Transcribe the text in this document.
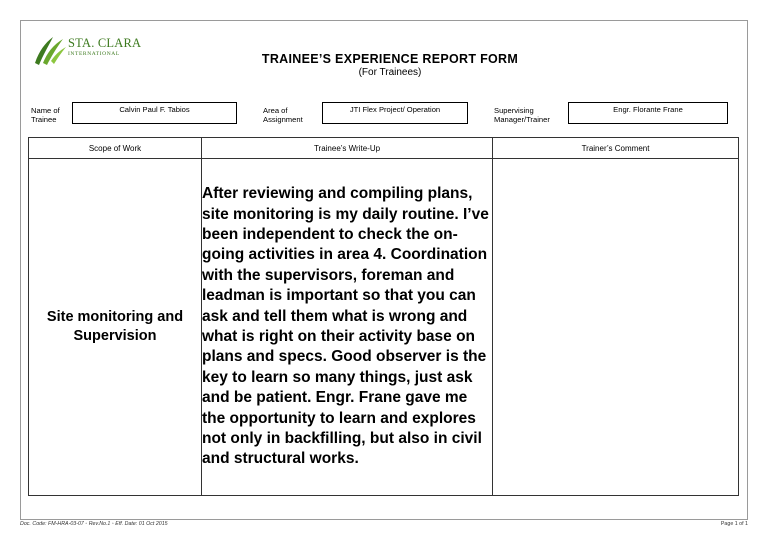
STA. CLARA
INTERNATIONAL	TRAINEE’S EXPERIENCE REPORT FORM
(For Trainees)
Name of
Trainee
Calvin Paul F. Tabios	Area of
Assignment
JTI Flex Project/ Operation	Supervising
Manager/Trainer
Engr. Florante Frane
Scope of Work	Trainee’s Write-Up	Trainer’s Comment
Site monitoring and Supervision	After reviewing and compiling plans, site monitoring is my daily routine. I’ve been independent to check the on-going activities in area 4. Coordination with the supervisors, foreman and leadman is important so that you can ask and tell them what is wrong and what is right on their activity base on plans and specs. Good observer is the key to learn so many things, just ask and be patient. Engr. Frane gave me the opportunity to learn and explores not only in backfilling, but also in civil and structural works.	
Doc. Code: FM-HRA-03-07 ◦ Rev.No.1 ◦ Eff. Date: 01 Oct 2015	Page 1 of 1
